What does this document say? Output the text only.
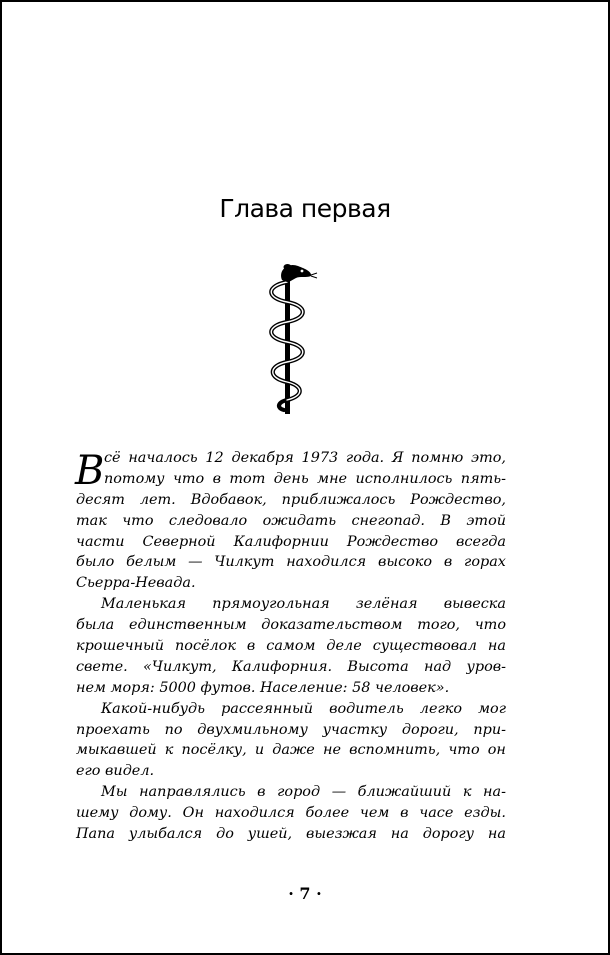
Глава первая
В сё началось 12 декабря 1973 года. Я помню это,
потому что в тот день мне исполнилось пять-
десят лет. Вдобавок, приближалось Рождество,
так что следовало ожидать снегопад. В этой
части Северной Калифорнии Рождество всегда
было белым — Чилкут находился высоко в горах
Сьерра-Невада.
Маленькая прямоугольная зелёная вывеска
была единственным доказательством того, что
крошечный посёлок в самом деле существовал на
свете. «Чилкут, Калифорния. Высота над уров-
нем моря: 5000 футов. Население: 58 человек».
Какой-нибудь рассеянный водитель легко мог
проехать по двухмильному участку дороги, при-
мыкавшей к посёлку, и даже не вспомнить, что он
его видел.
Мы направлялись в город — ближайший к на-
шему дому. Он находился более чем в часе езды.
Папа улыбался до ушей, выезжая на дорогу на
· 7 ·
